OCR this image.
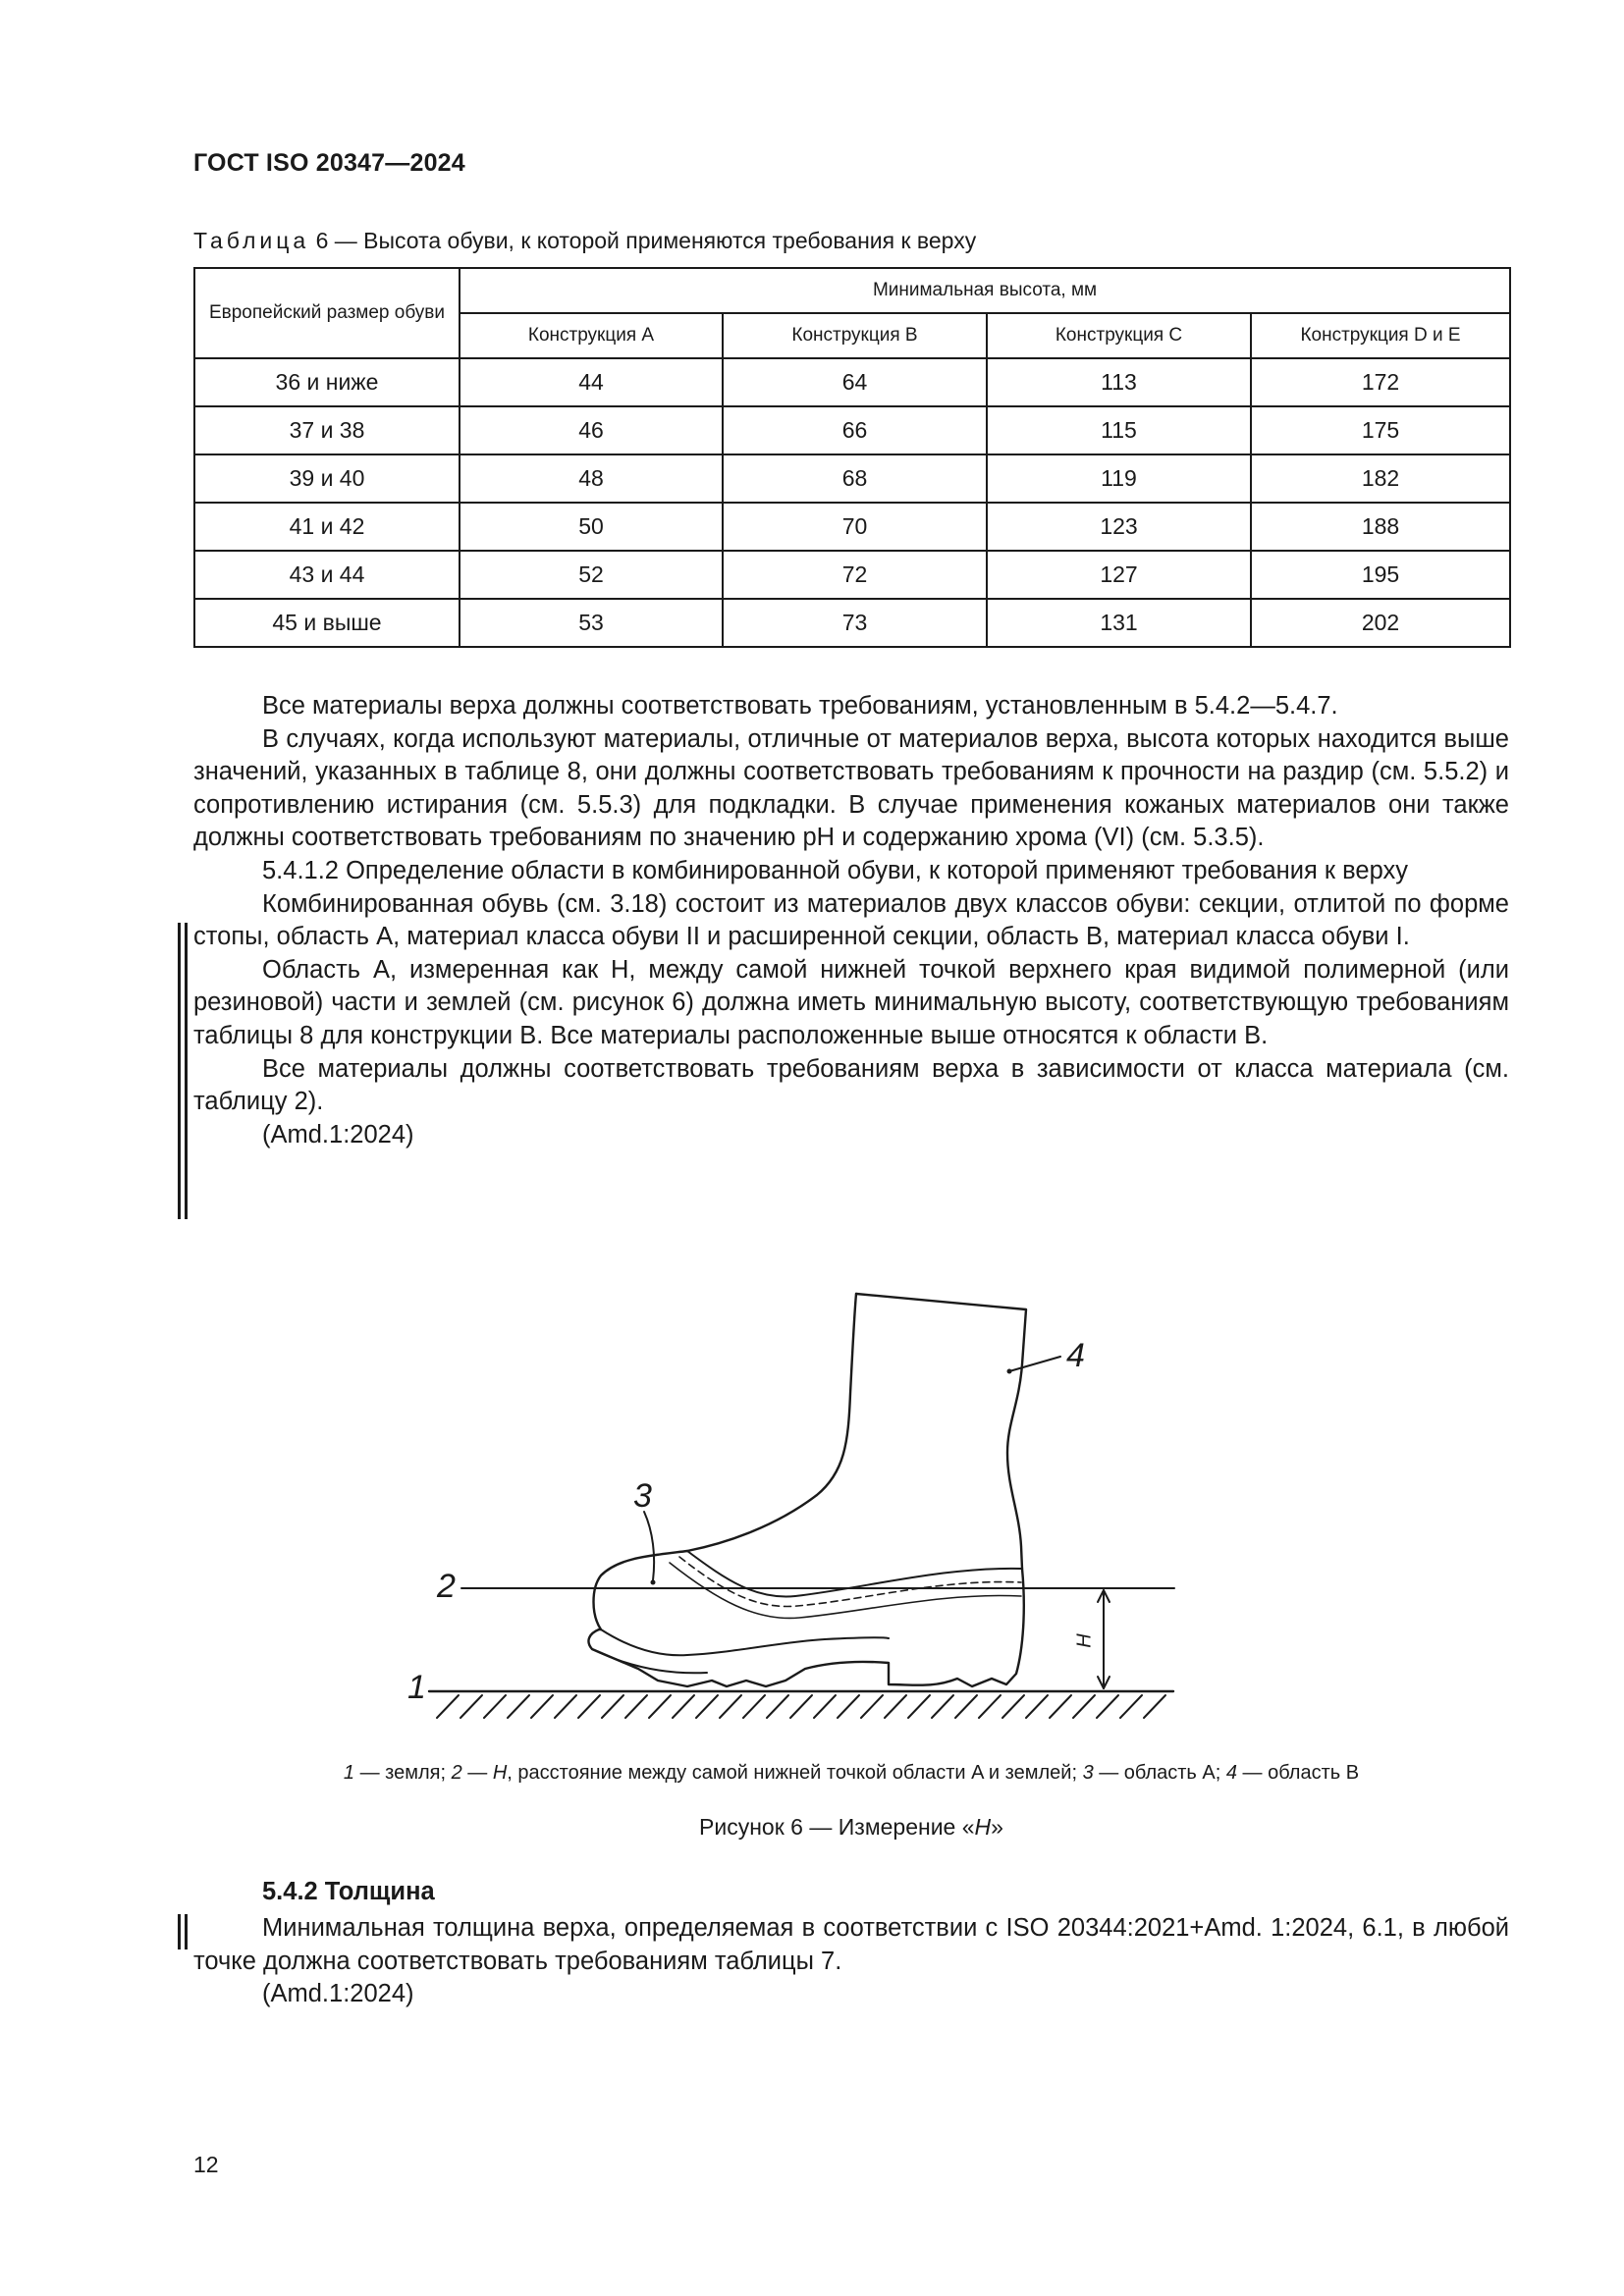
ГОСТ ISO 20347—2024
Таблица 6 — Высота обуви, к которой применяются требования к верху
Европейский размер обуви	Минимальная высота, мм			
	Конструкция A	Конструкция B	Конструкция C	Конструкция D и E
36 и ниже	44	64	113	172
37 и 38	46	66	115	175
39 и 40	48	68	119	182
41 и 42	50	70	123	188
43 и 44	52	72	127	195
45 и выше	53	73	131	202

Все материалы верха должны соответствовать требованиям, установленным в 5.4.2—5.4.7.

В случаях, когда используют материалы, отличные от материалов верха, высота которых находится выше значений, указанных в таблице 8, они должны соответствовать требованиям к прочности на раздир (см. 5.5.2) и сопротивлению истирания (см. 5.5.3) для подкладки. В случае применения кожаных материалов они также должны соответствовать требованиям по значению pH и содержанию хрома (VI) (см. 5.3.5).

5.4.1.2 Определение области в комбинированной обуви, к которой применяют требования к верху

Комбинированная обувь (см. 3.18) состоит из материалов двух классов обуви: секции, отлитой по форме стопы, область A, материал класса обуви II и расширенной секции, область B, материал класса обуви I.

Область A, измеренная как H, между самой нижней точкой верхнего края видимой полимерной (или резиновой) части и землей (см. рисунок 6) должна иметь минимальную высоту, соответствующую требованиям таблицы 8 для конструкции B. Все материалы расположенные выше относятся к области B.

Все материалы должны соответствовать требованиям верха в зависимости от класса материала (см. таблицу 2).

(Amd.1:2024)

1
2
3
4
H
1 — земля; 2 — H, расстояние между самой нижней точкой области A и землей; 3 — область A; 4 — область B
Рисунок 6 — Измерение «H»
5.4.2 Толщина

Минимальная толщина верха, определяемая в соответствии с ISO 20344:2021+Amd. 1:2024, 6.1, в любой точке должна соответствовать требованиям таблицы 7.

(Amd.1:2024)

12
